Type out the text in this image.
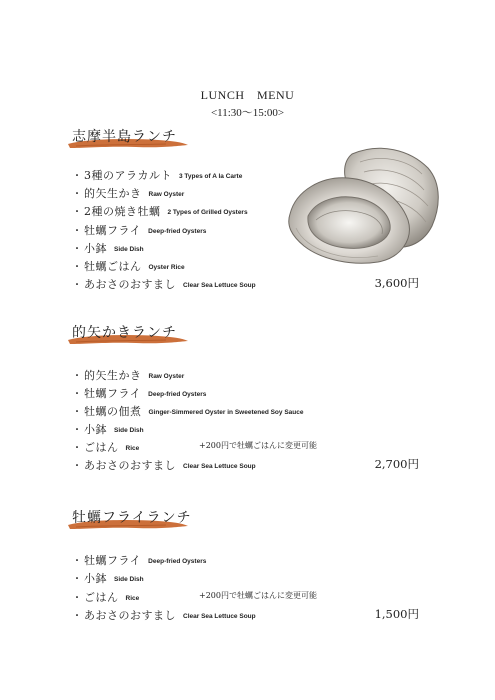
LUNCH　MENU
<11:30〜15:00>
志摩半島ランチ
・ 3種のアラカルト 3 Types of A la Carte
・ 的矢生かき Raw Oyster
・ 2種の焼き牡蠣 2 Types of Grilled Oysters
・ 牡蠣フライ Deep-fried Oysters
・ 小鉢 Side Dish
・ 牡蠣ごはん Oyster Rice
・ あおさのおすまし Clear Sea Lettuce Soup	3,600円
的矢かきランチ
・ 的矢生かき Raw Oyster
・ 牡蠣フライ Deep-fried Oysters
・ 牡蠣の佃煮 Ginger-Simmered Oyster in Sweetened Soy Sauce
・ 小鉢 Side Dish
・ ごはん Rice	+200円で牡蠣ごはんに変更可能
・ あおさのおすまし Clear Sea Lettuce Soup	2,700円
牡蠣フライランチ
・ 牡蠣フライ Deep-fried Oysters
・ 小鉢 Side Dish
・ ごはん Rice	+200円で牡蠣ごはんに変更可能
・ あおさのおすまし Clear Sea Lettuce Soup	1,500円
